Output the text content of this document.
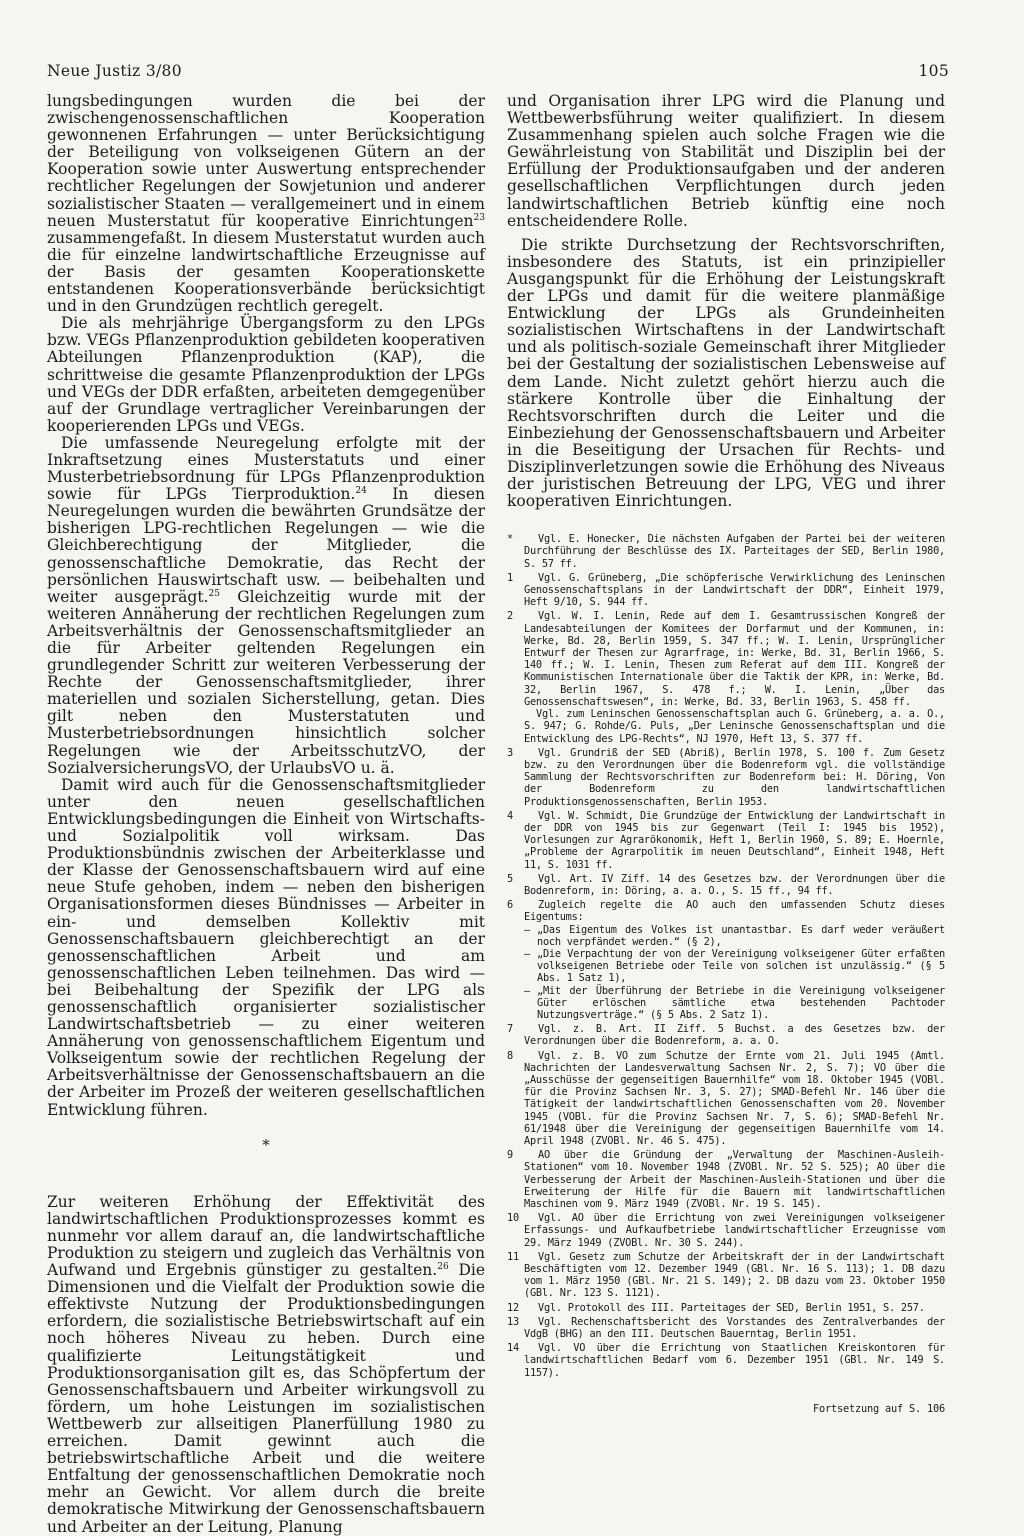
Neue Justiz 3/80	105

lungsbedingungen wurden die bei der zwischengenossenschaftlichen Kooperation gewonnenen Erfahrungen — unter Berücksichtigung der Beteiligung von volkseigenen Gütern an der Kooperation sowie unter Auswertung entsprechender rechtlicher Regelungen der Sowjetunion und anderer sozialistischer Staaten — verallgemeinert und in einem neuen Musterstatut für kooperative Einrichtungen$^{23}$ zusammengefaßt. In diesem Musterstatut wurden auch die für einzelne landwirtschaftliche Erzeugnisse auf der Basis der gesamten Kooperationskette entstandenen Kooperationsverbände berücksichtigt und in den Grundzügen rechtlich geregelt.

Die als mehrjährige Übergangsform zu den LPGs bzw. VEGs Pflanzenproduktion gebildeten kooperativen Abteilungen Pflanzenproduktion (KAP), die schrittweise die gesamte Pflanzenproduktion der LPGs und VEGs der DDR erfaßten, arbeiteten demgegenüber auf der Grundlage vertraglicher Vereinbarungen der kooperierenden LPGs und VEGs.

Die umfassende Neuregelung erfolgte mit der Inkraftsetzung eines Musterstatuts und einer Musterbetriebsordnung für LPGs Pflanzenproduktion sowie für LPGs Tierproduktion.$^{24}$ In diesen Neuregelungen wurden die bewährten Grundsätze der bisherigen LPG-rechtlichen Regelungen — wie die Gleichberechtigung der Mitglieder, die genossenschaftliche Demokratie, das Recht der persönlichen Hauswirtschaft usw. — beibehalten und weiter ausgeprägt.$^{25}$ Gleichzeitig wurde mit der weiteren Annäherung der rechtlichen Regelungen zum Arbeitsverhältnis der Genossenschaftsmitglieder an die für Arbeiter geltenden Regelungen ein grundlegender Schritt zur weiteren Verbesserung der Rechte der Genossenschaftsmitglieder, ihrer materiellen und sozialen Sicherstellung, getan. Dies gilt neben den Musterstatuten und Musterbetriebsordnungen hinsichtlich solcher Regelungen wie der ArbeitsschutzVO, der SozialversicherungsVO, der UrlaubsVO u. ä.

Damit wird auch für die Genossenschaftsmitglieder unter den neuen gesellschaftlichen Entwicklungsbedingungen die Einheit von Wirtschafts- und Sozialpolitik voll wirksam. Das Produktionsbündnis zwischen der Arbeiterklasse und der Klasse der Genossenschaftsbauern wird auf eine neue Stufe gehoben, indem — neben den bisherigen Organisationsformen dieses Bündnisses — Arbeiter in ein- und demselben Kollektiv mit Genossenschaftsbauern gleichberechtigt an der genossenschaftlichen Arbeit und am genossenschaftlichen Leben teilnehmen. Das wird — bei Beibehaltung der Spezifik der LPG als genossenschaftlich organisierter sozialistischer Landwirtschaftsbetrieb — zu einer weiteren Annäherung von genossenschaftlichem Eigentum und Volkseigentum sowie der rechtlichen Regelung der Arbeitsverhältnisse der Genossenschaftsbauern an die der Arbeiter im Prozeß der weiteren gesellschaftlichen Entwicklung führen.

*

Zur weiteren Erhöhung der Effektivität des landwirtschaftlichen Produktionsprozesses kommt es nunmehr vor allem darauf an, die landwirtschaftliche Produktion zu steigern und zugleich das Verhältnis von Aufwand und Ergebnis günstiger zu gestalten.$^{26}$ Die Dimensionen und die Vielfalt der Produktion sowie die effektivste Nutzung der Produktionsbedingungen erfordern, die sozialistische Betriebswirtschaft auf ein noch höheres Niveau zu heben. Durch eine qualifizierte Leitungstätigkeit und Produktionsorganisation gilt es, das Schöpfertum der Genossenschaftsbauern und Arbeiter wirkungsvoll zu fördern, um hohe Leistungen im sozialistischen Wettbewerb zur allseitigen Planerfüllung 1980 zu erreichen. Damit gewinnt auch die betriebswirtschaftliche Arbeit und die weitere Entfaltung der genossenschaftlichen Demokratie noch mehr an Gewicht. Vor allem durch die breite demokratische Mitwirkung der Genossenschaftsbauern und Arbeiter an der Leitung, Planung

und Organisation ihrer LPG wird die Planung und Wettbewerbsführung weiter qualifiziert. In diesem Zusammenhang spielen auch solche Fragen wie die Gewährleistung von Stabilität und Disziplin bei der Erfüllung der Produktionsaufgaben und der anderen gesellschaftlichen Verpflichtungen durch jeden landwirtschaftlichen Betrieb künftig eine noch entscheidendere Rolle.

Die strikte Durchsetzung der Rechtsvorschriften, insbesondere des Statuts, ist ein prinzipieller Ausgangspunkt für die Erhöhung der Leistungskraft der LPGs und damit für die weitere planmäßige Entwicklung der LPGs als Grundeinheiten sozialistischen Wirtschaftens in der Landwirtschaft und als politisch-soziale Gemeinschaft ihrer Mitglieder bei der Gestaltung der sozialistischen Lebensweise auf dem Lande. Nicht zuletzt gehört hierzu auch die stärkere Kontrolle über die Einhaltung der Rechtsvorschriften durch die Leiter und die Einbeziehung der Genossenschaftsbauern und Arbeiter in die Beseitigung der Ursachen für Rechts- und Disziplinverletzungen sowie die Erhöhung des Niveaus der juristischen Betreuung der LPG, VEG und ihrer kooperativen Einrichtungen.

*	Vgl. E. Honecker, Die nächsten Aufgaben der Partei bei der weiteren Durchführung der Beschlüsse des IX. Parteitages der SED, Berlin 1980, S. 57 ff.

1	Vgl. G. Grüneberg, „Die schöpferische Verwirklichung des Leninschen Genossenschaftsplans in der Landwirtschaft der DDR“, Einheit 1979, Heft 9/10, S. 944 ff.

2	Vgl. W. I. Lenin, Rede auf dem I. Gesamtrussischen Kongreß der Landesabteilungen der Komitees der Dorfarmut und der Kommunen, in: Werke, Bd. 28, Berlin 1959, S. 347 ff.; W. I. Lenin, Ursprünglicher Entwurf der Thesen zur Agrarfrage, in: Werke, Bd. 31, Berlin 1966, S. 140 ff.; W. I. Lenin, Thesen zum Referat auf dem III. Kongreß der Kommunistischen Internationale über die Taktik der KPR, in: Werke, Bd. 32, Berlin 1967, S. 478 f.; W. I. Lenin, „Über das Genossenschaftswesen“, in: Werke, Bd. 33, Berlin 1963, S. 458 ff.

Vgl. zum Leninschen Genossenschaftsplan auch G. Grüneberg, a. a. O., S. 947; G. Rohde/G. Puls, „Der Leninsche Genossenschaftsplan und die Entwicklung des LPG-Rechts“, NJ 1970, Heft 13, S. 377 ff.

3	Vgl. Grundriß der SED (Abriß), Berlin 1978, S. 100 f. Zum Gesetz bzw. zu den Verordnungen über die Bodenreform vgl. die vollständige Sammlung der Rechtsvorschriften zur Bodenreform bei: H. Döring, Von der Bodenreform zu den landwirtschaftlichen Produktionsgenossenschaften, Berlin 1953.

4	Vgl. W. Schmidt, Die Grundzüge der Entwicklung der Landwirtschaft in der DDR von 1945 bis zur Gegenwart (Teil I: 1945 bis 1952), Vorlesungen zur Agrarökonomik, Heft 1, Berlin 1960, S. 89; E. Hoernle, „Probleme der Agrarpolitik im neuen Deutschland“, Einheit 1948, Heft 11, S. 1031 ff.

5	Vgl. Art. IV Ziff. 14 des Gesetzes bzw. der Verordnungen über die Bodenreform, in: Döring, a. a. O., S. 15 ff., 94 ff.

6	Zugleich regelte die AO auch den umfassenden Schutz dieses Eigentums:

– „Das Eigentum des Volkes ist unantastbar. Es darf weder veräußert noch verpfändet werden.“ (§ 2),
– „Die Verpachtung der von der Vereinigung volkseigener Güter erfaßten volkseigenen Betriebe oder Teile von solchen ist unzulässig.“ (§ 5 Abs. 1 Satz 1),
– „Mit der Überführung der Betriebe in die Vereinigung volkseigener Güter erlöschen sämtliche etwa bestehenden Pachtoder Nutzungsverträge.“ (§ 5 Abs. 2 Satz 1).
7	Vgl. z. B. Art. II Ziff. 5 Buchst. a des Gesetzes bzw. der Verordnungen über die Bodenreform, a. a. O.

8	Vgl. z. B. VO zum Schutze der Ernte vom 21. Juli 1945 (Amtl. Nachrichten der Landesverwaltung Sachsen Nr. 2, S. 7); VO über die „Ausschüsse der gegenseitigen Bauernhilfe“ vom 18. Oktober 1945 (VOBl. für die Provinz Sachsen Nr. 3, S. 27); SMAD-Befehl Nr. 146 über die Tätigkeit der landwirtschaftlichen Genossenschaften vom 20. November 1945 (VOBl. für die Provinz Sachsen Nr. 7, S. 6); SMAD-Befehl Nr. 61/1948 über die Vereinigung der gegenseitigen Bauernhilfe vom 14. April 1948 (ZVOBl. Nr. 46 S. 475).

9	AO über die Gründung der „Verwaltung der Maschinen-Ausleih-Stationen“ vom 10. November 1948 (ZVOBl. Nr. 52 S. 525); AO über die Verbesserung der Arbeit der Maschinen-Ausleih-Stationen und über die Erweiterung der Hilfe für die Bauern mit landwirtschaftlichen Maschinen vom 9. März 1949 (ZVOBl. Nr. 19 S. 145).

10	Vgl. AO über die Errichtung von zwei Vereinigungen volkseigener Erfassungs- und Aufkaufbetriebe landwirtschaftlicher Erzeugnisse vom 29. März 1949 (ZVOBl. Nr. 30 S. 244).

11	Vgl. Gesetz zum Schutze der Arbeitskraft der in der Landwirtschaft Beschäftigten vom 12. Dezember 1949 (GBl. Nr. 16 S. 113); 1. DB dazu vom 1. März 1950 (GBl. Nr. 21 S. 149); 2. DB dazu vom 23. Oktober 1950 (GBl. Nr. 123 S. 1121).

12	Vgl. Protokoll des III. Parteitages der SED, Berlin 1951, S. 257.

13	Vgl. Rechenschaftsbericht des Vorstandes des Zentralverbandes der VdgB (BHG) an den III. Deutschen Bauerntag, Berlin 1951.

14	Vgl. VO über die Errichtung von Staatlichen Kreiskontoren für landwirtschaftlichen Bedarf vom 6. Dezember 1951 (GBl. Nr. 149 S. 1157).

Fortsetzung auf S. 106
